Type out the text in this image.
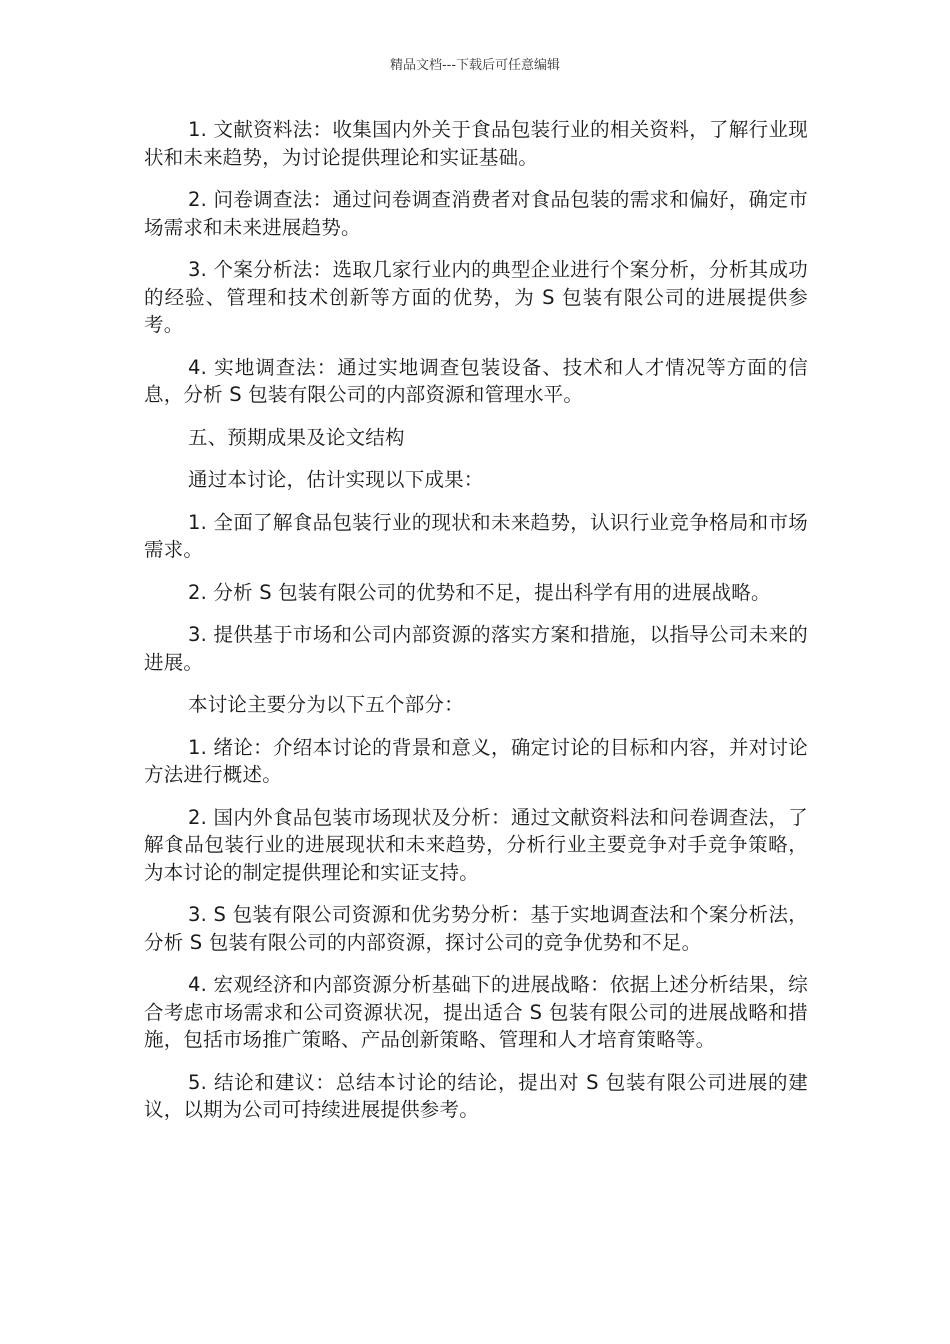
精品文档---下载后可任意编辑

1. 文献资料法：收集国内外关于食品包装行业的相关资料，了解行业现状和未来趋势，为讨论提供理论和实证基础。

2. 问卷调查法：通过问卷调查消费者对食品包装的需求和偏好，确定市场需求和未来进展趋势。

3. 个案分析法：选取几家行业内的典型企业进行个案分析，分析其成功的经验、管理和技术创新等方面的优势，为 S 包装有限公司的进展提供参考。

4. 实地调查法：通过实地调查包装设备、技术和人才情况等方面的信息，分析 S 包装有限公司的内部资源和管理水平。

五、预期成果及论文结构

通过本讨论，估计实现以下成果：

1. 全面了解食品包装行业的现状和未来趋势，认识行业竞争格局和市场需求。

2. 分析 S 包装有限公司的优势和不足，提出科学有用的进展战略。

3. 提供基于市场和公司内部资源的落实方案和措施，以指导公司未来的进展。

本讨论主要分为以下五个部分：

1. 绪论：介绍本讨论的背景和意义，确定讨论的目标和内容，并对讨论方法进行概述。

2. 国内外食品包装市场现状及分析：通过文献资料法和问卷调查法，了解食品包装行业的进展现状和未来趋势，分析行业主要竞争对手竞争策略，为本讨论的制定提供理论和实证支持。

3. S 包装有限公司资源和优劣势分析：基于实地调查法和个案分析法，分析 S 包装有限公司的内部资源，探讨公司的竞争优势和不足。

4. 宏观经济和内部资源分析基础下的进展战略：依据上述分析结果，综合考虑市场需求和公司资源状况，提出适合 S 包装有限公司的进展战略和措施，包括市场推广策略、产品创新策略、管理和人才培育策略等。

5. 结论和建议：总结本讨论的结论，提出对 S 包装有限公司进展的建议，以期为公司可持续进展提供参考。
